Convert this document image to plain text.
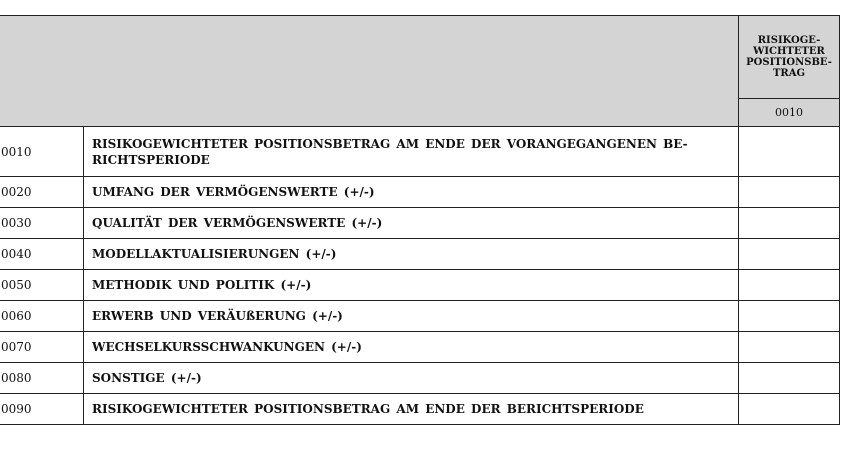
		RISIKOGE-
WICHTETER
POSITIONSBE-
TRAG

		0010
0010	RISIKOGEWICHTETER POSITIONSBETRAG AM ENDE DER VORANGEGANGENEN BE-
RICHTSPERIODE	
0020	UMFANG DER VERMÖGENSWERTE (+/-)	
0030	QUALITÄT DER VERMÖGENSWERTE (+/-)	
0040	MODELLAKTUALISIERUNGEN (+/-)	
0050	METHODIK UND POLITIK (+/-)	
0060	ERWERB UND VERÄUßERUNG (+/-)	
0070	WECHSELKURSSCHWANKUNGEN (+/-)	
0080	SONSTIGE (+/-)	
0090	RISIKOGEWICHTETER POSITIONSBETRAG AM ENDE DER BERICHTSPERIODE	
